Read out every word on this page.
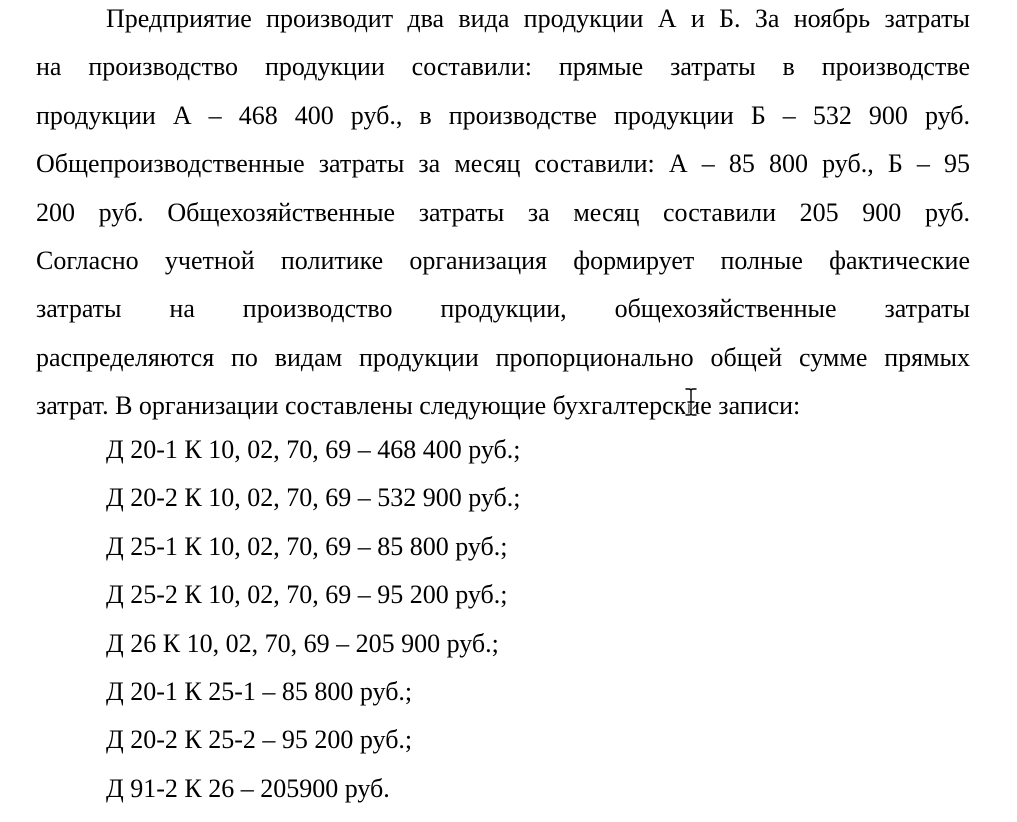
Предприятие производит два вида продукции А и Б. За ноябрь затраты
на производство продукции составили: прямые затраты в производстве
продукции А – 468 400 руб., в производстве продукции Б – 532 900 руб.
Общепроизводственные затраты за месяц составили: А – 85 800 руб., Б – 95
200 руб. Общехозяйственные затраты за месяц составили 205 900 руб.
Согласно учетной политике организация формирует полные фактические
затраты на производство продукции, общехозяйственные затраты
распределяются по видам продукции пропорционально общей сумме прямых
затрат. В организации составлены следующие бухгалтерские записи:
Д 20-1 К 10, 02, 70, 69 – 468 400 руб.;
Д 20-2 К 10, 02, 70, 69 – 532 900 руб.;
Д 25-1 К 10, 02, 70, 69 – 85 800 руб.;
Д 25-2 К 10, 02, 70, 69 – 95 200 руб.;
Д 26 К 10, 02, 70, 69 – 205 900 руб.;
Д 20-1 К 25-1 – 85 800 руб.;
Д 20-2 К 25-2 – 95 200 руб.;
Д 91-2 К 26 – 205900 руб.
